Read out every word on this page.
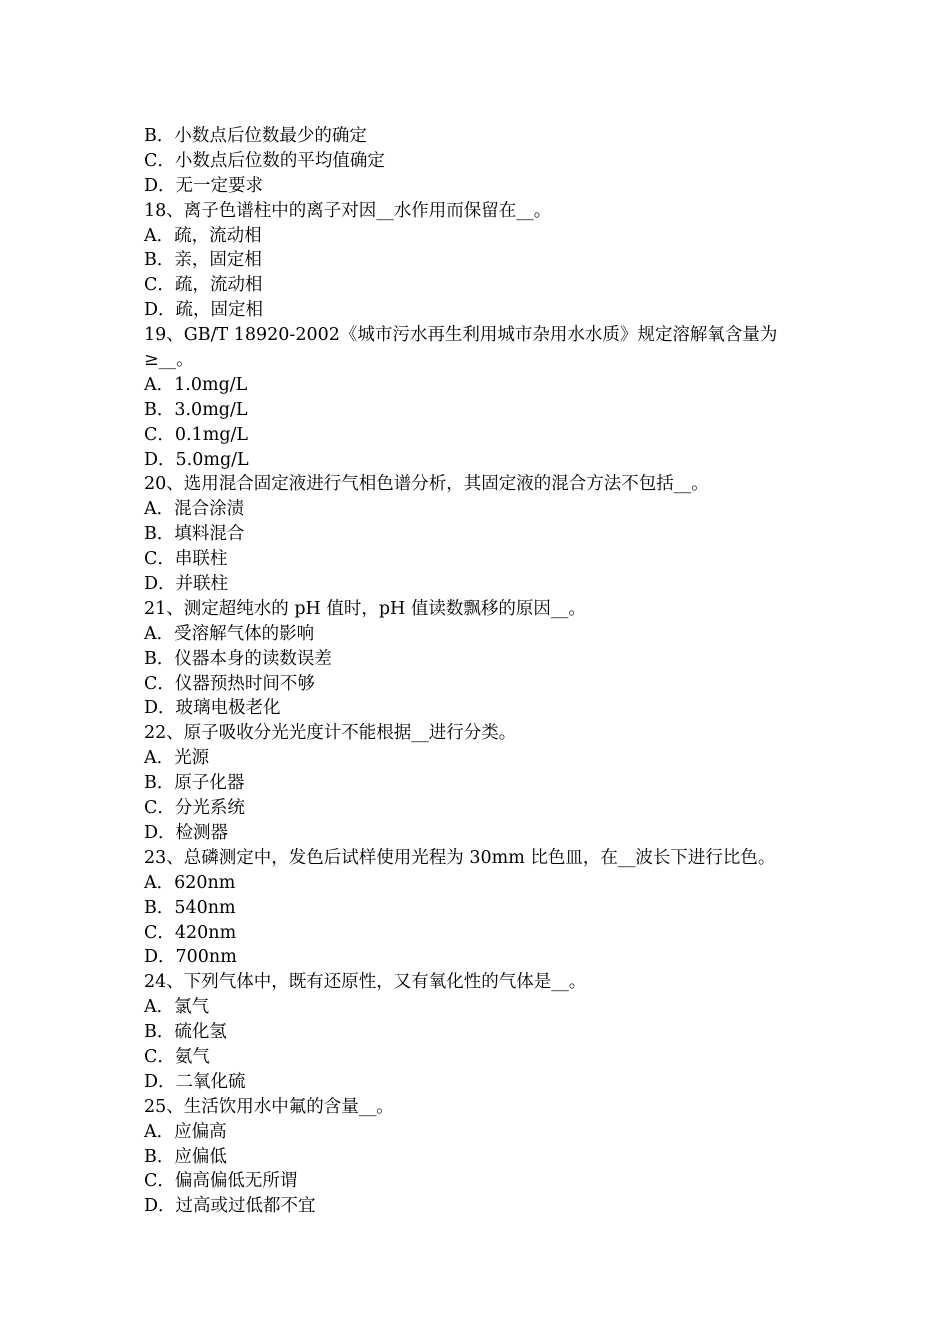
B．小数点后位数最少的确定
C．小数点后位数的平均值确定
D．无一定要求
18、离子色谱柱中的离子对因__水作用而保留在__。
A．疏，流动相
B．亲，固定相
C．疏，流动相
D．疏，固定相
19、GB/T 18920-2002《城市污水再生利用城市杂用水水质》规定溶解氧含量为
≥__。
A．1.0mg/L
B．3.0mg/L
C．0.1mg/L
D．5.0mg/L
20、选用混合固定液进行气相色谱分析，其固定液的混合方法不包括__。
A．混合涂渍
B．填料混合
C．串联柱
D．并联柱
21、测定超纯水的 pH 值时，pH 值读数飘移的原因__。
A．受溶解气体的影响
B．仪器本身的读数误差
C．仪器预热时间不够
D．玻璃电极老化
22、原子吸收分光光度计不能根据__进行分类。
A．光源
B．原子化器
C．分光系统
D．检测器
23、总磷测定中，发色后试样使用光程为 30mm 比色皿，在__波长下进行比色。
A．620nm
B．540nm
C．420nm
D．700nm
24、下列气体中，既有还原性，又有氧化性的气体是__。
A．氯气
B．硫化氢
C．氨气
D．二氧化硫
25、生活饮用水中氟的含量__。
A．应偏高
B．应偏低
C．偏高偏低无所谓
D．过高或过低都不宜
